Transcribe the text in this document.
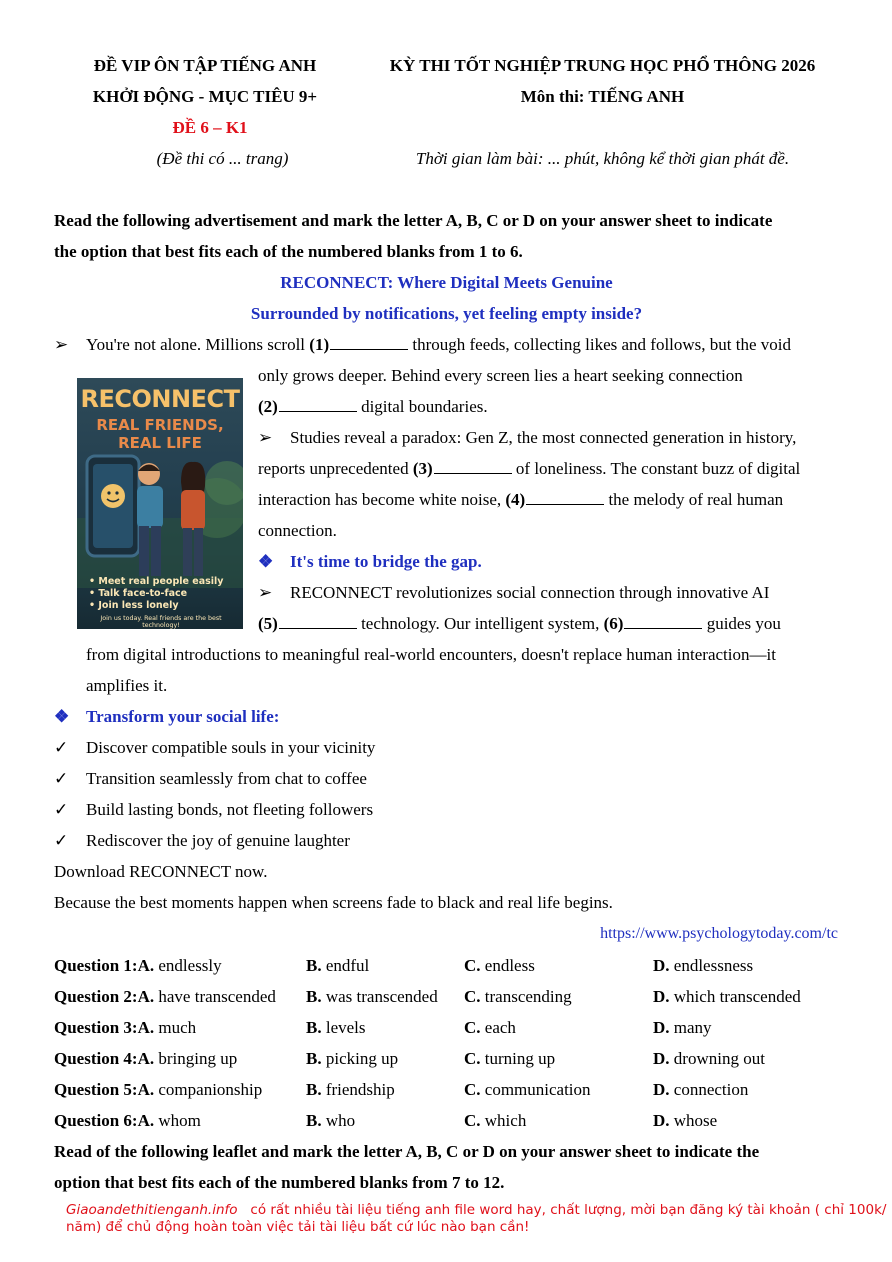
ĐỀ VIP ÔN TẬP TIẾNG ANH
KHỞI ĐỘNG - MỤC TIÊU 9+
ĐỀ 6 – K1
(Đề thi có ... trang)
KỲ THI TỐT NGHIỆP TRUNG HỌC PHỔ THÔNG 2026
Môn thi: TIẾNG ANH
Thời gian làm bài: ... phút, không kể thời gian phát đề.
Read the following advertisement and mark the letter A, B, C or D on your answer sheet to indicate
the option that best fits each of the numbered blanks from 1 to 6.
RECONNECT: Where Digital Meets Genuine
Surrounded by notifications, yet feeling empty inside?
➢ You're not alone. Millions scroll (1)	through feeds, collecting likes and follows, but the void
only grows deeper. Behind every screen lies a heart seeking connection
(2)	digital boundaries.
➢ Studies reveal a paradox: Gen Z, the most connected generation in history,
reports unprecedented (3)	of loneliness. The constant buzz of digital
interaction has become white noise, (4)	the melody of real human
connection.
❖ It's time to bridge the gap.
➢ RECONNECT revolutionizes social connection through innovative AI
(5)	technology. Our intelligent system, (6)	guides you
from digital introductions to meaningful real-world encounters, doesn't replace human interaction—it
amplifies it.
❖ Transform your social life:
✓ Discover compatible souls in your vicinity
✓ Transition seamlessly from chat to coffee
✓ Build lasting bonds, not fleeting followers
✓ Rediscover the joy of genuine laughter
Download RECONNECT now.
Because the best moments happen when screens fade to black and real life begins.
https://www.psychologytoday.com/tc
RECONNECT
REAL FRIENDS,
REAL LIFE
• Meet real people easily
• Talk face-to-face
• Join less lonely
Join us today. Real friends are the best technology!
Question 1:A. endlessly	B. endful	C. endless	D. endlessness
Question 2:A. have transcended B. was transcended C. transcending	D. which transcended
Question 3:A. much	B. levels	C. each	D. many
Question 4:A. bringing up	B. picking up	C. turning up	D. drowning out
Question 5:A. companionship	B. friendship	C. communication	D. connection
Question 6:A. whom	B. who	C. which	D. whose
Read of the following leaflet and mark the letter A, B, C or D on your answer sheet to indicate the
option that best fits each of the numbered blanks from 7 to 12.
Giaoandethitienganh.info có rất nhiều tài liệu tiếng anh file word hay, chất lượng, mời bạn đăng ký tài khoản ( chỉ 100k/
năm) để chủ động hoàn toàn việc tải tài liệu bất cứ lúc nào bạn cần!
